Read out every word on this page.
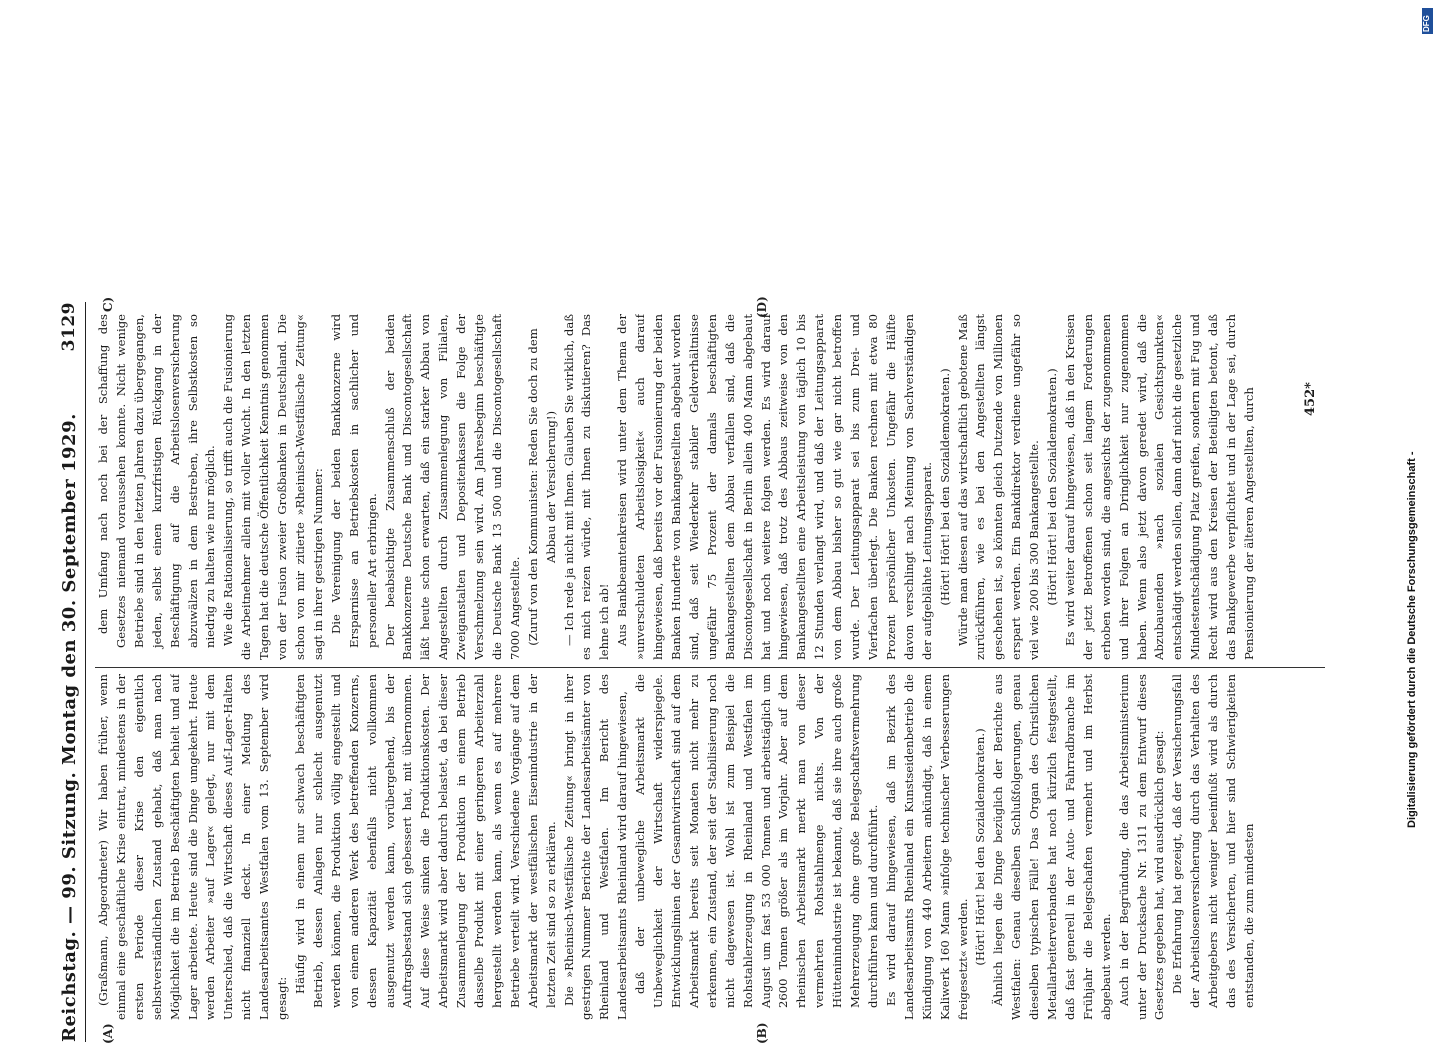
Reichstag. — 99. Sitzung. Montag den 30. September 1929.
3129
(A)	(B)
C)	(D)

(Graßmann, Abgeordneter) Wir haben früher, wenn einmal eine geschäftliche Krise eintrat, mindestens in der ersten Periode dieser Krise den eigentlich selbstverständlichen Zustand gehabt, daß man nach Möglichkeit die im Betrieb Beschäftigten behielt und auf Lager arbeitete. Heute sind die Dinge umgekehrt. Heute werden Arbeiter »auf Lager« gelegt, nur mit dem Unterschied, daß die Wirtschaft dieses Auf-Lager-Halten nicht finanziell deckt. In einer Meldung des Landesarbeitsamtes Westfalen vom 13. September wird gesagt:

Häufig wird in einem nur schwach beschäftigten Betrieb, dessen Anlagen nur schlecht ausgenutzt werden können, die Produktion völlig eingestellt und von einem anderen Werk des betreffenden Konzerns, dessen Kapazität ebenfalls nicht vollkommen ausgenutzt werden kann, vorübergehend, bis der Auftragsbestand sich gebessert hat, mit übernommen. Auf diese Weise sinken die Produktionskosten. Der Arbeitsmarkt wird aber dadurch belastet, da bei dieser Zusammenlegung der Produktion in einem Betrieb dasselbe Produkt mit einer geringeren Arbeiterzahl hergestellt werden kann, als wenn es auf mehrere Betriebe verteilt wird. Verschiedene Vorgänge auf dem Arbeitsmarkt der westfälischen Eisenindustrie in der letzten Zeit sind so zu erklären. Die »Rheinisch-Westfälische Zeitung« bringt in ihrer gestrigen Nummer Berichte der Landesarbeitsämter von Rheinland und Westfalen. Im Bericht des Landesarbeitsamts Rheinland wird darauf hingewiesen, daß der unbewegliche Arbeitsmarkt die Unbeweglichkeit der Wirtschaft widerspiegele. Entwicklungslinien der Gesamtwirtschaft sind auf dem Arbeitsmarkt bereits seit Monaten nicht mehr zu erkennen, ein Zustand, der seit der Stabilisierung noch nicht dagewesen ist. Wohl ist zum Beispiel die Rohstahlerzeugung in Rheinland und Westfalen im August um fast 53 000 Tonnen und arbeitstäglich um 2600 Tonnen größer als im Vorjahr. Aber auf dem rheinischen Arbeitsmarkt merkt man von dieser vermehrten Rohstahlmenge nichts. Von der Hütteninindustrie ist bekannt, daß sie ihre auch große Mehrerzeugung ohne große Belegschaftsvermehrung durchführen kann und durchführt. Es wird darauf hingewiesen, daß im Bezirk des Landesarbeitsamts Rheinland ein Kunstseidenbetrieb die Kündigung von 440 Arbeitern ankündigt, daß in einem Kaliwerk 160 Mann »infolge technischer Verbesserungen freigesetzt« werden. (Hört! Hört! bei den Sozialdemokraten.) Ähnlich liegen die Dinge bezüglich der Berichte aus Westfalen: Genau dieselben Schlußfolgerungen, genau dieselben typischen Fälle! Das Organ des Christlichen Metallarbeiterverbandes hat noch kürzlich festgestellt, daß fast generell in der Auto- und Fahrradbranche im Frühjahr die Belegschaften vermehrt und im Herbst abgebaut werden. Auch in der Begründung, die das Arbeitsministerium unter der Drucksache Nr. 1311 zu dem Entwurf dieses Gesetzes gegeben hat, wird ausdrücklich gesagt: Die Erfahrung hat gezeigt, daß der Versicherungsfall der Arbeitslosenversicherung durch das Verhalten des Arbeitgebers nicht weniger beeinflußt wird als durch das des Versicherten, und hier sind Schwierigkeiten entstanden, die zum mindesten

dem Umfang nach noch bei der Schaffung des Gesetzes niemand voraussehen konnte. Nicht wenige Betriebe sind in den letzten Jahren dazu übergegangen, jeden, selbst einen kurzfristigen Rückgang in der Beschäftigung auf die Arbeitslosenversicherung abzuwälzen in dem Bestreben, ihre Selbstkosten so niedrig zu halten wie nur möglich. Wie die Rationalisierung, so trifft auch die Fusionierung die Arbeitnehmer allein mit voller Wucht. In den letzten Tagen hat die deutsche Öffentlichkeit Kenntnis genommen von der Fusion zweier Großbanken in Deutschland. Die schon von mir zitierte »Rheinisch-Westfälische Zeitung« sagt in ihrer gestrigen Nummer: Die Vereinigung der beiden Bankkonzerne wird Ersparnisse an Betriebskosten in sachlicher und personeller Art erbringen. Der beabsichtigte Zusammenschluß der beiden Bankkonzerne Deutsche Bank und Discontogesellschaft läßt heute schon erwarten, daß ein starker Abbau von Angestellten durch Zusammenlegung von Filialen, Zweiganstalten und Depositenkassen die Folge der Verschmelzung sein wird. Am Jahresbeginn beschäftigte die Deutsche Bank 13 500 und die Discontogesellschaft 7000 Angestellte. (Zuruf von den Kommunisten: Reden Sie doch zu dem Abbau der Versicherung!) — Ich rede ja nicht mit Ihnen. Glauben Sie wirklich, daß es mich reizen würde, mit Ihnen zu diskutieren? Das lehne ich ab! Aus Bankbeamtenkreisen wird unter dem Thema der »unverschuldeten Arbeitslosigkeit« auch darauf hingewiesen, daß bereits vor der Fusionierung der beiden Banken Hunderte von Bankangestellten abgebaut worden sind, daß seit Wiederkehr stabiler Geldverhältnisse ungefähr 75 Prozent der damals beschäftigten Bankangestellten dem Abbau verfallen sind, daß die Discontogesellschaft in Berlin allein 400 Mann abgebaut hat und noch weitere folgen werden. Es wird darauf hingewiesen, daß trotz des Abbaus zeitweise von den Bankangestellten eine Arbeitsleistung von täglich 10 bis 12 Stunden verlangt wird, und daß der Leitungsapparat von dem Abbau bisher so gut wie gar nicht betroffen wurde. Der Leitungsapparat sei bis zum Drei- und Vierfachen überlegt. Die Banken rechnen mit etwa 80 Prozent persönlicher Unkosten. Ungefähr die Hälfte davon verschlingt nach Meinung von Sachverständigen der aufgeblähte Leitungsapparat. (Hört! Hört! bei den Sozialdemokraten.) Würde man diesen auf das wirtschaftlich gebotene Maß zurückführen, wie es bei den Angestellten längst geschehen ist, so könnten gleich Dutzende von Millionen erspart werden. Ein Bankdirektor verdiene ungefähr so viel wie 200 bis 300 Bankangestellte. (Hört! Hört! bei den Sozialdemokraten.) Es wird weiter darauf hingewiesen, daß in den Kreisen der jetzt Betroffenen schon seit langem Forderungen erhoben worden sind, die angesichts der zugenommenen und ihrer Folgen an Dringlichkeit nur zugenommen haben. Wenn also jetzt davon geredet wird, daß die Abzubauenden »nach sozialen Gesichtspunkten« entschädigt werden sollen, dann darf nicht die gesetzliche Mindestentschädigung Platz greifen, sondern mit Fug und Recht wird aus den Kreisen der Beteiligten betont, daß das Bankgewerbe verpflichtet und in der Lage sei, durch Pensionierung der älteren Angestellten, durch	452*
Digitalisierung gefördert durch die Deutsche Forschungsgemeinschaft -
DFG
